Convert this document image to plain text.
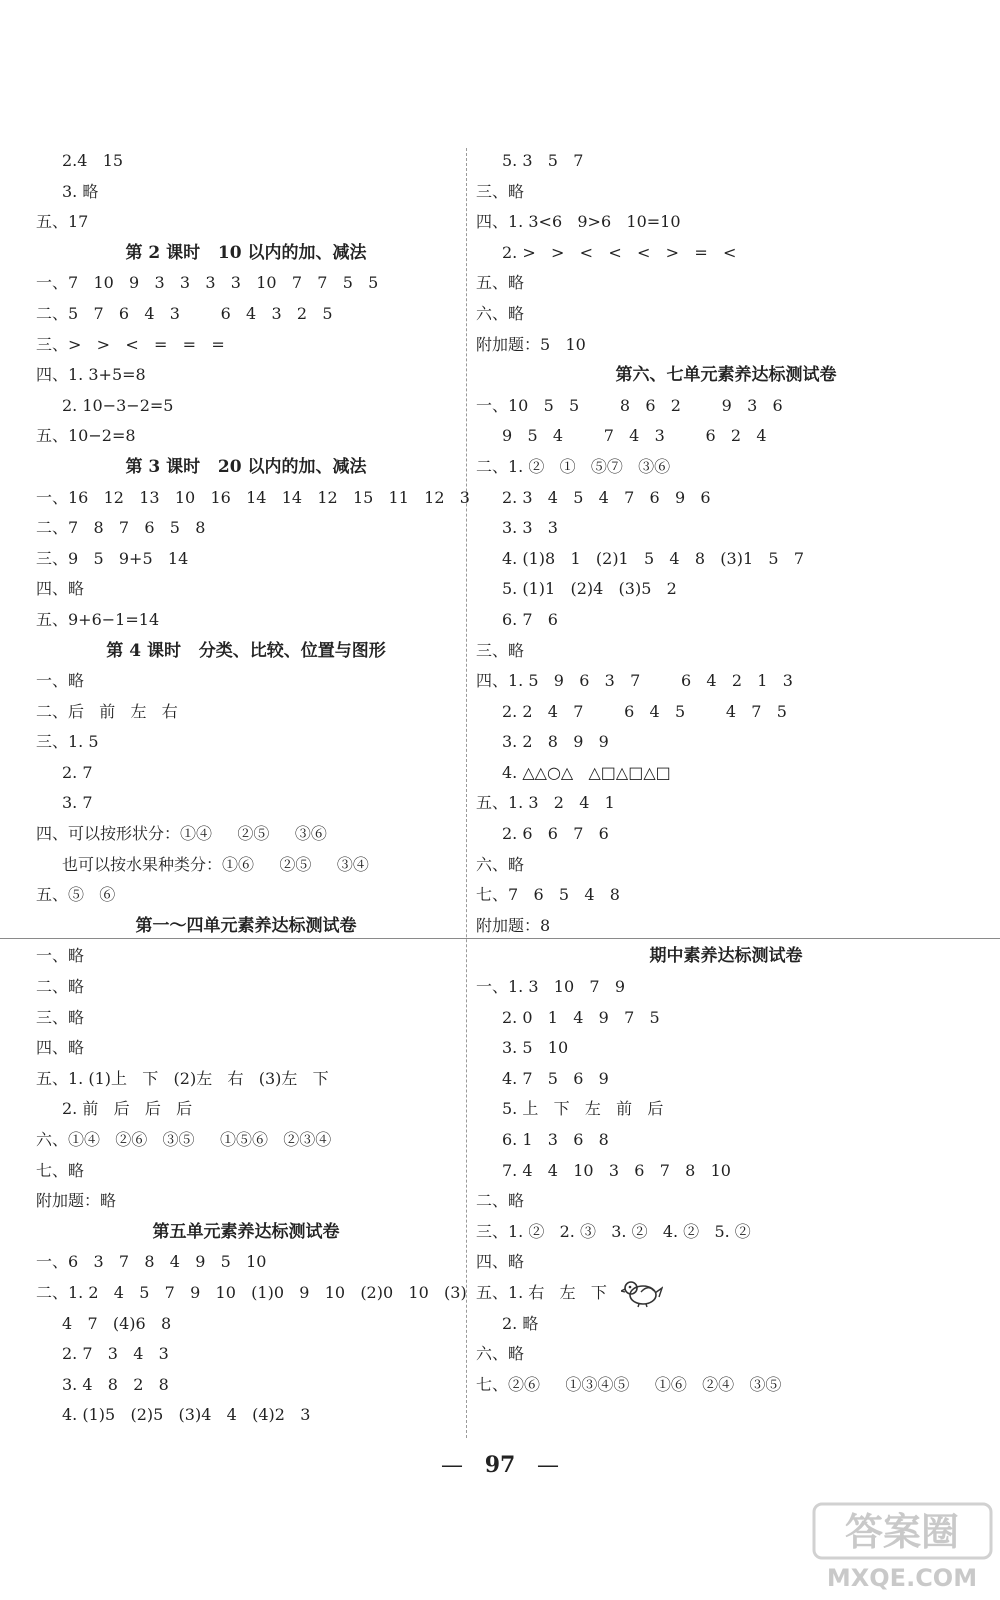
2.4   15
3. 略
五、17
第 2 课时   10 以内的加、减法
一、7   10   9   3   3   3   3   10   7   7   5   5
二、5   7   6   4   3        6   4   3   2   5
三、>   >   <   =   =   =
四、1. 3+5=8
2. 10−3−2=5
五、10−2=8
第 3 课时   20 以内的加、减法
一、16   12   13   10   16   14   14   12   15   11   12   3
二、7   8   7   6   5   8
三、9   5   9+5   14
四、略
五、9+6−1=14
第 4 课时   分类、比较、位置与图形
一、略
二、后   前   左   右
三、1. 5
2. 7
3. 7
四、可以按形状分：①④     ②⑤     ③⑥
也可以按水果种类分：①⑥     ②⑤     ③④
五、⑤   ⑥
第一～四单元素养达标测试卷
一、略
二、略
三、略
四、略
五、1. (1)上   下   (2)左   右   (3)左   下
2. 前   后   后   后
六、①④   ②⑥   ③⑤     ①⑤⑥   ②③④
七、略
附加题：略
第五单元素养达标测试卷
一、6   3   7   8   4   9   5   10
二、1. 2   4   5   7   9   10   (1)0   9   10   (2)0   10   (3)
4   7   (4)6   8
2. 7   3   4   3
3. 4   8   2   8
4. (1)5   (2)5   (3)4   4   (4)2   3
5. 3   5   7
三、略
四、1. 3<6   9>6   10=10
2. >   >   <   <   <   >   =   <
五、略
六、略
附加题：5   10
第六、七单元素养达标测试卷
一、10   5   5        8   6   2        9   3   6
9   5   4        7   4   3        6   2   4
二、1. ②   ①   ⑤⑦   ③⑥
2. 3   4   5   4   7   6   9   6
3. 3   3
4. (1)8   1   (2)1   5   4   8   (3)1   5   7
5. (1)1   (2)4   (3)5   2
6. 7   6
三、略
四、1. 5   9   6   3   7        6   4   2   1   3
2. 2   4   7        6   4   5        4   7   5
3. 2   8   9   9
4. △△○△   △□△□△□
五、1. 3   2   4   1
2. 6   6   7   6
六、略
七、7   6   5   4   8
附加题：8
期中素养达标测试卷
一、1. 3   10   7   9
2. 0   1   4   9   7   5
3. 5   10
4. 7   5   6   9
5. 上   下   左   前   后
6. 1   3   6   8
7. 4   4   10   3   6   7   8   10
二、略
三、1. ②   2. ③   3. ②   4. ②   5. ②
四、略
五、1. 右   左   下
2. 略
六、略
七、②⑥     ①③④⑤     ①⑥   ②④   ③⑤
— 97 —
答案圈
MXQE.COM
